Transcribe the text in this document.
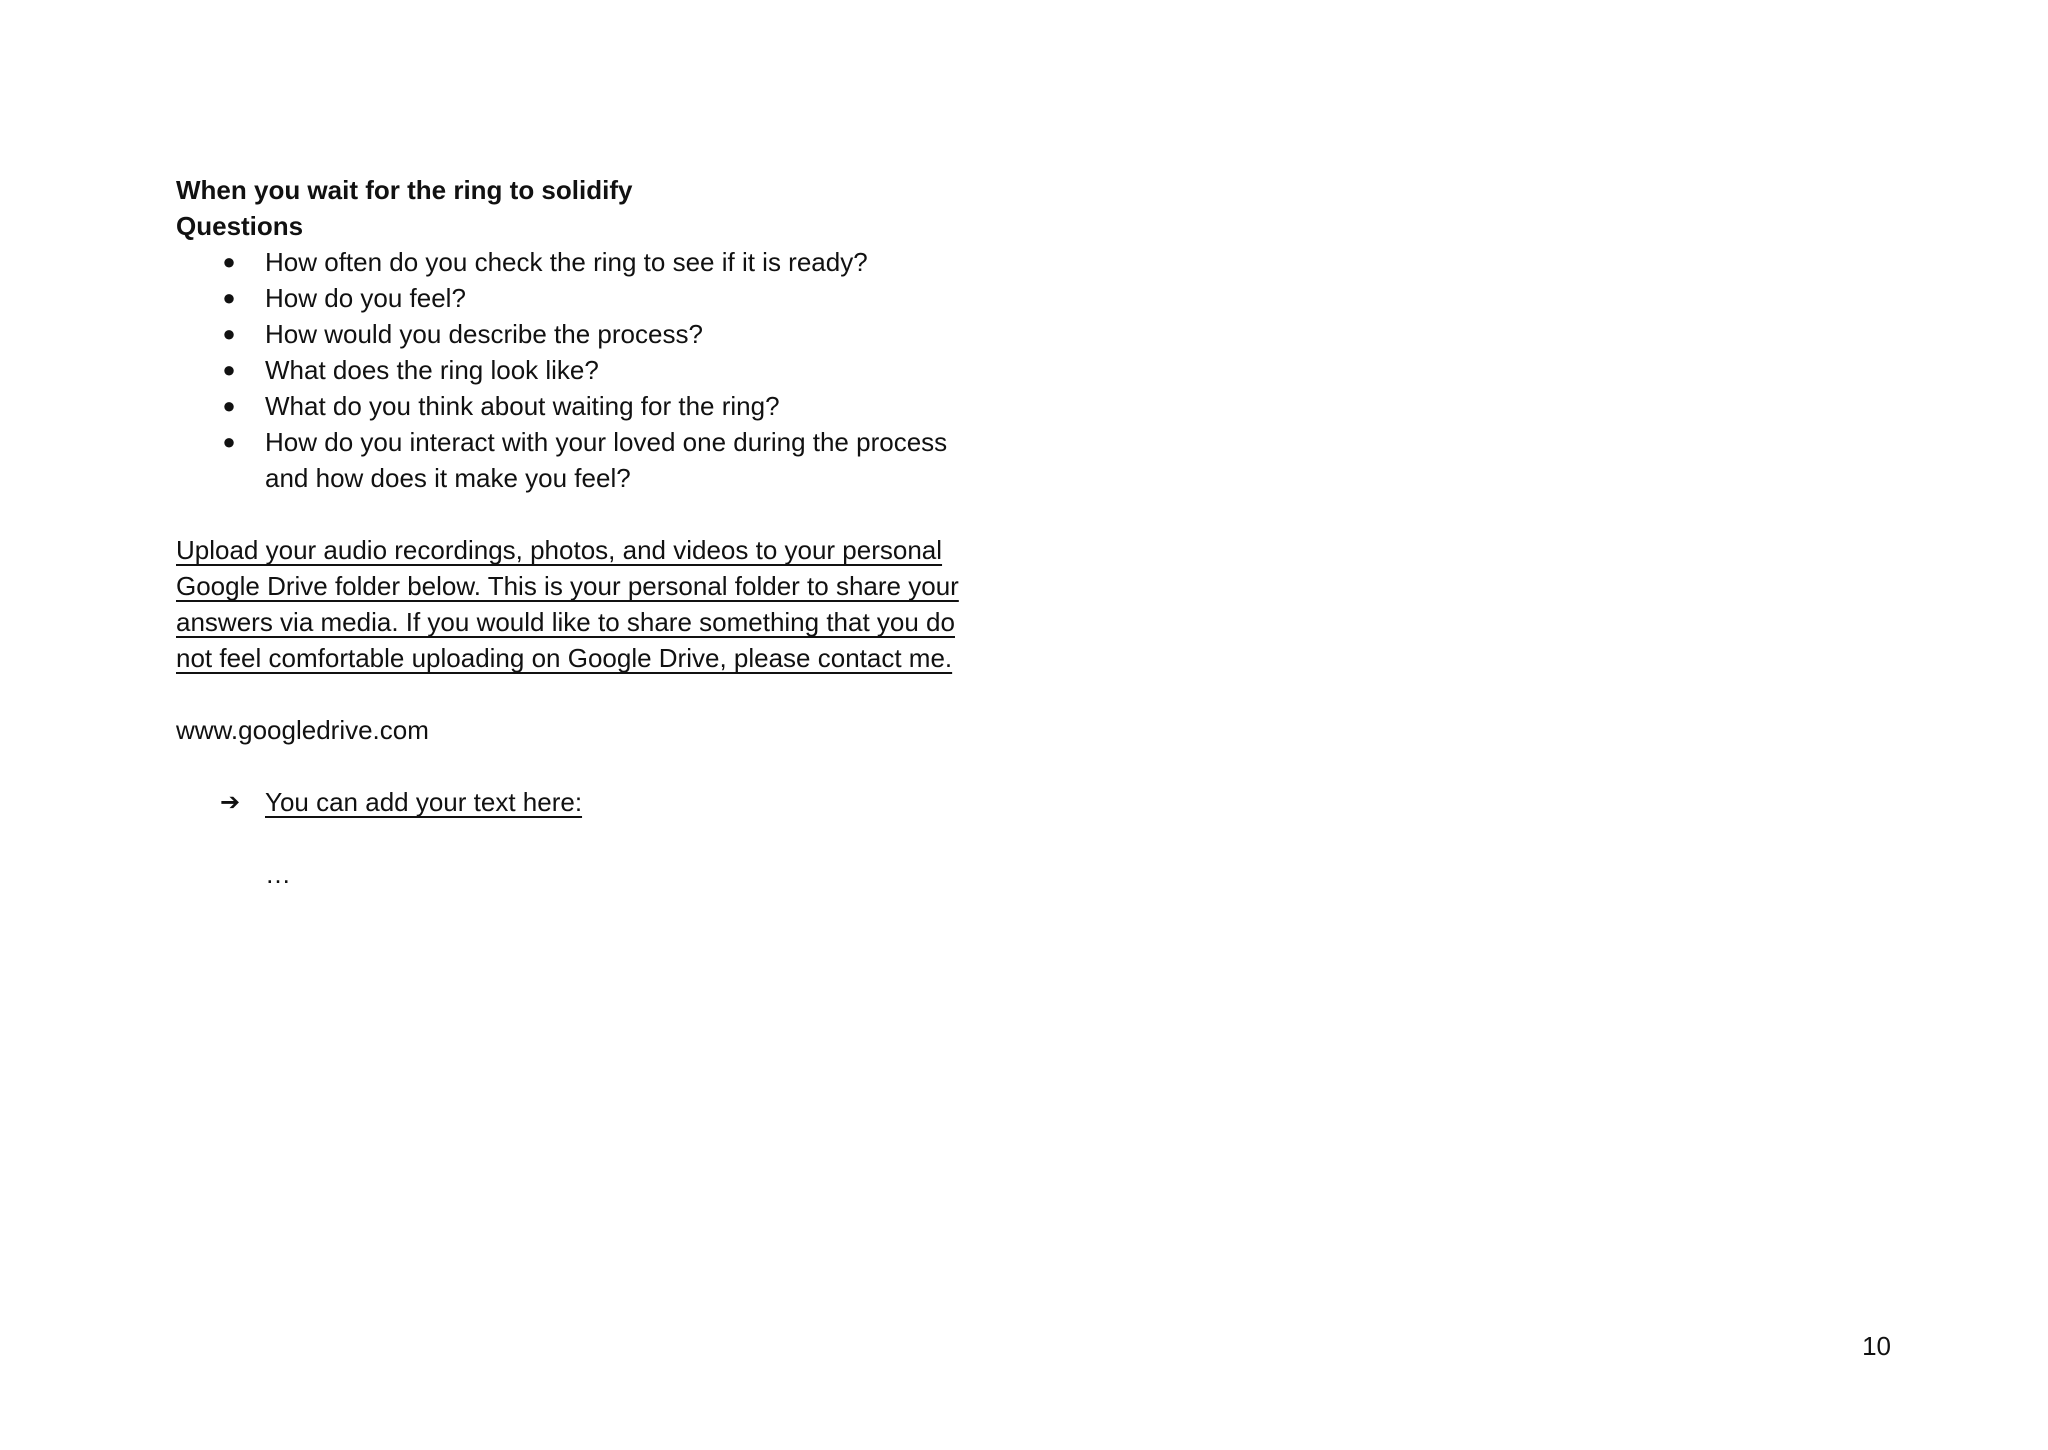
When you wait for the ring to solidify

Questions

● How often do you check the ring to see if it is ready?
● How do you feel?
● How would you describe the process?
● What does the ring look like?
● What do you think about waiting for the ring?
● How do you interact with your loved one during the process and how does it make you feel?
Upload your audio recordings, photos, and videos to your personal Google Drive folder below. This is your personal folder to share your answers via media. If you would like to share something that you do not feel comfortable uploading on Google Drive, please contact me.
www.googledrive.com
➔ You can add your text here:
…
10
